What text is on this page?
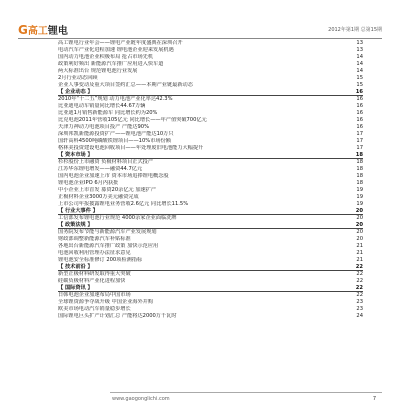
G高工锂电	2012年第1期 总第15期
高工锂电行业年会——锂电产业链年度盛典在深圳召开	13
电动汽车产业化进程加速 锂电池企业迎来发展机遇	13
国内动力电池企业积极布局 抢占市场先机	14
政策利好频出 新能源汽车推广应用进入快车道	14
两大标准出台 规范锂电池行业发展	14
2月行业动态回顾	15
企业人事变动及重大项目签约汇总——本期产业链最新动态	15
【 企业动态 】	16
2010年“十二五”规划 动力电池产业化率达42.3%	16
比亚迪电动车销量同比增长44.67万辆	16
比亚迪1月销售新能源车 同比增长约为20%	16
比克电池2011年营收105亿元 同比增长——年产值突破700亿元	16
天津力神动力电池项目投产 产能达90%	16
深圳邦凯新能源投资扩产——锂电池产能达10万只	17
国轩高科4500吨磷酸铁锂项目——10%市场份额	17
格林美投资建设电池回收项目——年处理废旧电池能力大幅提升	17
【 资本市场 】	18
杉杉股份上市融资 负极材料项目正式投产	18
江苏华东锂电增发——融资44.7亿元	18
国内电池企业加速上市 资本市场追捧锂电概念股	18
锂电池企业IPO 6月内获批	18
中小企业上市首发 募资20余亿元 加速扩产	19
正极材料企业3000万美元融资完成	19
上市公司年报披露锂电业务营收2.6亿元 同比增长11.5%	19
【 行业大事件 】	20
工信部发布锂电池行业规范 4000余家企业面临洗牌	20
【 政策法规 】	20
国务院发布节能与新能源汽车产业发展规划	20
财政部调整新能源汽车补贴标准	20
各地出台新能源汽车推广政策 加快示范应用	21
电池回收利用管理办法征求意见	21
锂电池安全标准修订 200项检测指标	21
【 技术前沿 】	22
新型正极材料研发取得重大突破	22
硅碳负极材料产业化进程加快	22
【 国际资讯 】	22
日韩电池企业加速布局中国市场	22
全球锂资源争夺战升级 中国企业海外并购	23
欧美市场电动汽车销量稳步增长	23
国际锂电巨头扩产计划汇总 产能将达2000万千瓦时	24
www.gaogonglichi.com	7
